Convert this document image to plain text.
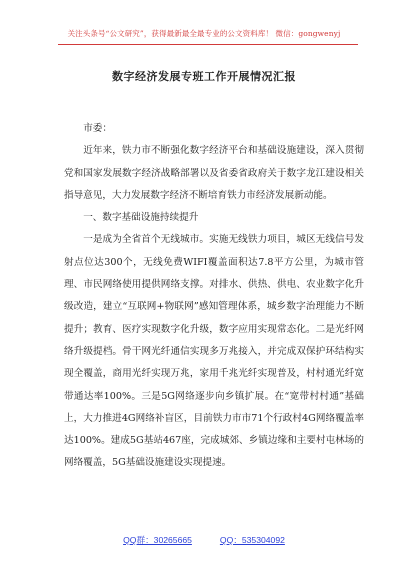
关注头条号“公文研究”，获得最新最全最专业的公文资料库！ 微信：gongwenyj
数字经济发展专班工作开展情况汇报

市委：

近年来，铁力市不断强化数字经济平台和基础设施建设，深入贯彻党和国家发展数字经济战略部署以及省委省政府关于数字龙江建设相关指导意见，大力发展数字经济不断培育铁力市经济发展新动能。

一、数字基础设施持续提升

一是成为全省首个无线城市。实施无线铁力项目，城区无线信号发射点位达300个，无线免费WIFI覆盖面积达7.8平方公里，为城市管理、市民网络使用提供网络支撑。对排水、供热、供电、农业数字化升级改造，建立“互联网+物联网”感知管理体系，城乡数字治理能力不断提升；教育、医疗实现数字化升级，数字应用实现常态化。二是光纤网络升级提档。骨干网光纤通信实现多万兆接入，并完成双保护环结构实现全覆盖，商用光纤实现万兆，家用千兆光纤实现普及，村村通光纤宽带通达率100%。三是5G网络逐步向乡镇扩展。在“宽带村村通”基础上，大力推进4G网络补盲区，目前铁力市市71个行政村4G网络覆盖率达100%。建成5G基站467座，完成城郊、乡镇边缘和主要村屯林场的网络覆盖，5G基础设施建设实现提速。

QQ群：30265665	QQ：535304092
